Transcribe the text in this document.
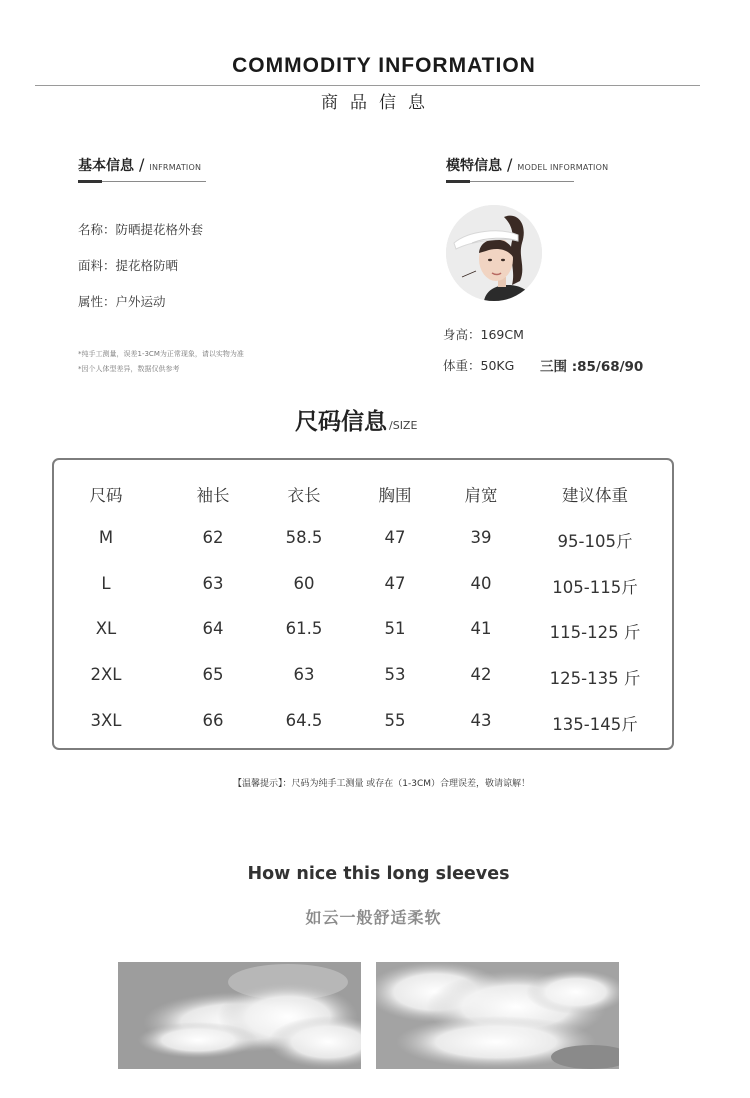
COMMODITY INFORMATION
商品信息
基本信息 / INFRMATION
名称：防晒提花格外套
面料：提花格防晒
属性：户外运动
*纯手工测量，误差1-3CM为正常现象，请以实物为准
*因个人体型差异，数据仅供参考
模特信息 / MODEL INFORMATION
身高：169CM
体重：50KG 三围 :85/68/90
尺码信息 /SIZE
尺码	袖长	衣长	胸围	肩宽	建议体重
M	62	58.5	47	39	95-105斤
L	63	60	47	40	105-115斤
XL	64	61.5	51	41	115-125 斤
2XL	65	63	53	42	125-135 斤
3XL	66	64.5	55	43	135-145斤
【温馨提示】：尺码为纯手工测量 或存在（1-3CM）合理误差，敬请谅解！
How nice this long sleeves
如云一般舒适柔软
